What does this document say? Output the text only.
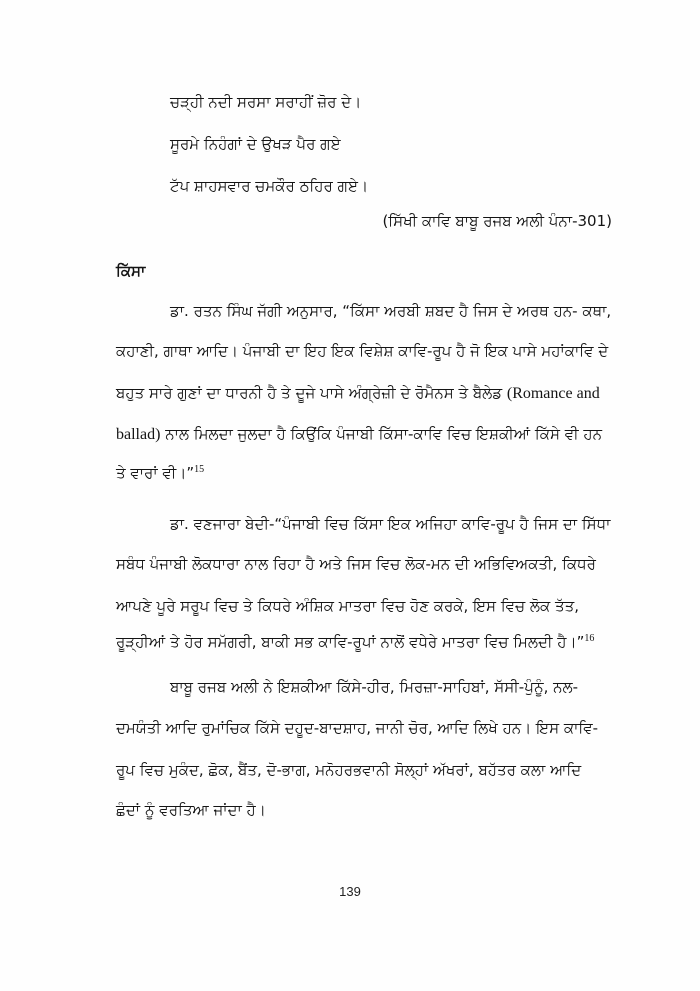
ਚੜ੍ਹੀ ਨਦੀ ਸਰਸਾ ਸਰਾਹੀਂ ਜ਼ੋਰ ਦੇ।
ਸੂਰਮੇ ਨਿਹੰਗਾਂ ਦੇ ਉਖੜ ਪੈਰ ਗਏ
ਟੱਪ ਸ਼ਾਹਸਵਾਰ ਚਮਕੌਰ ਠਹਿਰ ਗਏ।
(ਸਿੱਖੀ ਕਾਵਿ ਬਾਬੂ ਰਜਬ ਅਲੀ ਪੰਨਾ-301)
ਕਿੱਸਾ
ਡਾ. ਰਤਨ ਸਿੰਘ ਜੱਗੀ ਅਨੁਸਾਰ, “ਕਿੱਸਾ ਅਰਬੀ ਸ਼ਬਦ ਹੈ ਜਿਸ ਦੇ ਅਰਥ ਹਨ- ਕਥਾ,
ਕਹਾਣੀ, ਗਾਥਾ ਆਦਿ। ਪੰਜਾਬੀ ਦਾ ਇਹ ਇਕ ਵਿਸ਼ੇਸ਼ ਕਾਵਿ-ਰੂਪ ਹੈ ਜੋ ਇਕ ਪਾਸੇ ਮਹਾਂਕਾਵਿ ਦੇ
ਬਹੁਤ ਸਾਰੇ ਗੁਣਾਂ ਦਾ ਧਾਰਨੀ ਹੈ ਤੇ ਦੂਜੇ ਪਾਸੇ ਅੰਗ੍ਰੇਜ਼ੀ ਦੇ ਰੋਮੈਨਸ ਤੇ ਬੈਲੇਡ (Romance and
ballad) ਨਾਲ ਮਿਲਦਾ ਜੁਲਦਾ ਹੈ ਕਿਉਂਕਿ ਪੰਜਾਬੀ ਕਿੱਸਾ-ਕਾਵਿ ਵਿਚ ਇਸ਼ਕੀਆਂ ਕਿੱਸੇ ਵੀ ਹਨ
ਤੇ ਵਾਰਾਂ ਵੀ।”$^{15}$
ਡਾ. ਵਣਜਾਰਾ ਬੇਦੀ-“ਪੰਜਾਬੀ ਵਿਚ ਕਿੱਸਾ ਇਕ ਅਜਿਹਾ ਕਾਵਿ-ਰੂਪ ਹੈ ਜਿਸ ਦਾ ਸਿੱਧਾ
ਸਬੰਧ ਪੰਜਾਬੀ ਲੋਕਧਾਰਾ ਨਾਲ ਰਿਹਾ ਹੈ ਅਤੇ ਜਿਸ ਵਿਚ ਲੋਕ-ਮਨ ਦੀ ਅਭਿਵਿਅਕਤੀ, ਕਿਧਰੇ
ਆਪਣੇ ਪੂਰੇ ਸਰੂਪ ਵਿਚ ਤੇ ਕਿਧਰੇ ਅੰਸ਼ਿਕ ਮਾਤਰਾ ਵਿਚ ਹੋਣ ਕਰਕੇ, ਇਸ ਵਿਚ ਲੋਕ ਤੱਤ,
ਰੂੜ੍ਹੀਆਂ ਤੇ ਹੋਰ ਸਮੱਗਰੀ, ਬਾਕੀ ਸਭ ਕਾਵਿ-ਰੂਪਾਂ ਨਾਲੋਂ ਵਧੇਰੇ ਮਾਤਰਾ ਵਿਚ ਮਿਲਦੀ ਹੈ।”$^{16}$
ਬਾਬੂ ਰਜਬ ਅਲੀ ਨੇ ਇਸ਼ਕੀਆ ਕਿੱਸੇ-ਹੀਰ, ਮਿਰਜ਼ਾ-ਸਾਹਿਬਾਂ, ਸੱਸੀ-ਪੁੰਨੂੰ, ਨਲ-
ਦਮਯੰਤੀ ਆਦਿ ਰੁਮਾਂਚਿਕ ਕਿੱਸੇ ਦਹੂਦ-ਬਾਦਸ਼ਾਹ, ਜਾਨੀ ਚੋਰ, ਆਦਿ ਲਿਖੇ ਹਨ। ਇਸ ਕਾਵਿ-
ਰੂਪ ਵਿਚ ਮੁਕੰਦ, ਛੋਕ, ਬੈਂਤ, ਦੋ-ਭਾਗ, ਮਨੋਹਰਭਵਾਨੀ ਸੋਲ੍ਹਾਂ ਅੱਖਰਾਂ, ਬਹੱਤਰ ਕਲਾ ਆਦਿ
ਛੰਦਾਂ ਨੂੰ ਵਰਤਿਆ ਜਾਂਦਾ ਹੈ।
139
